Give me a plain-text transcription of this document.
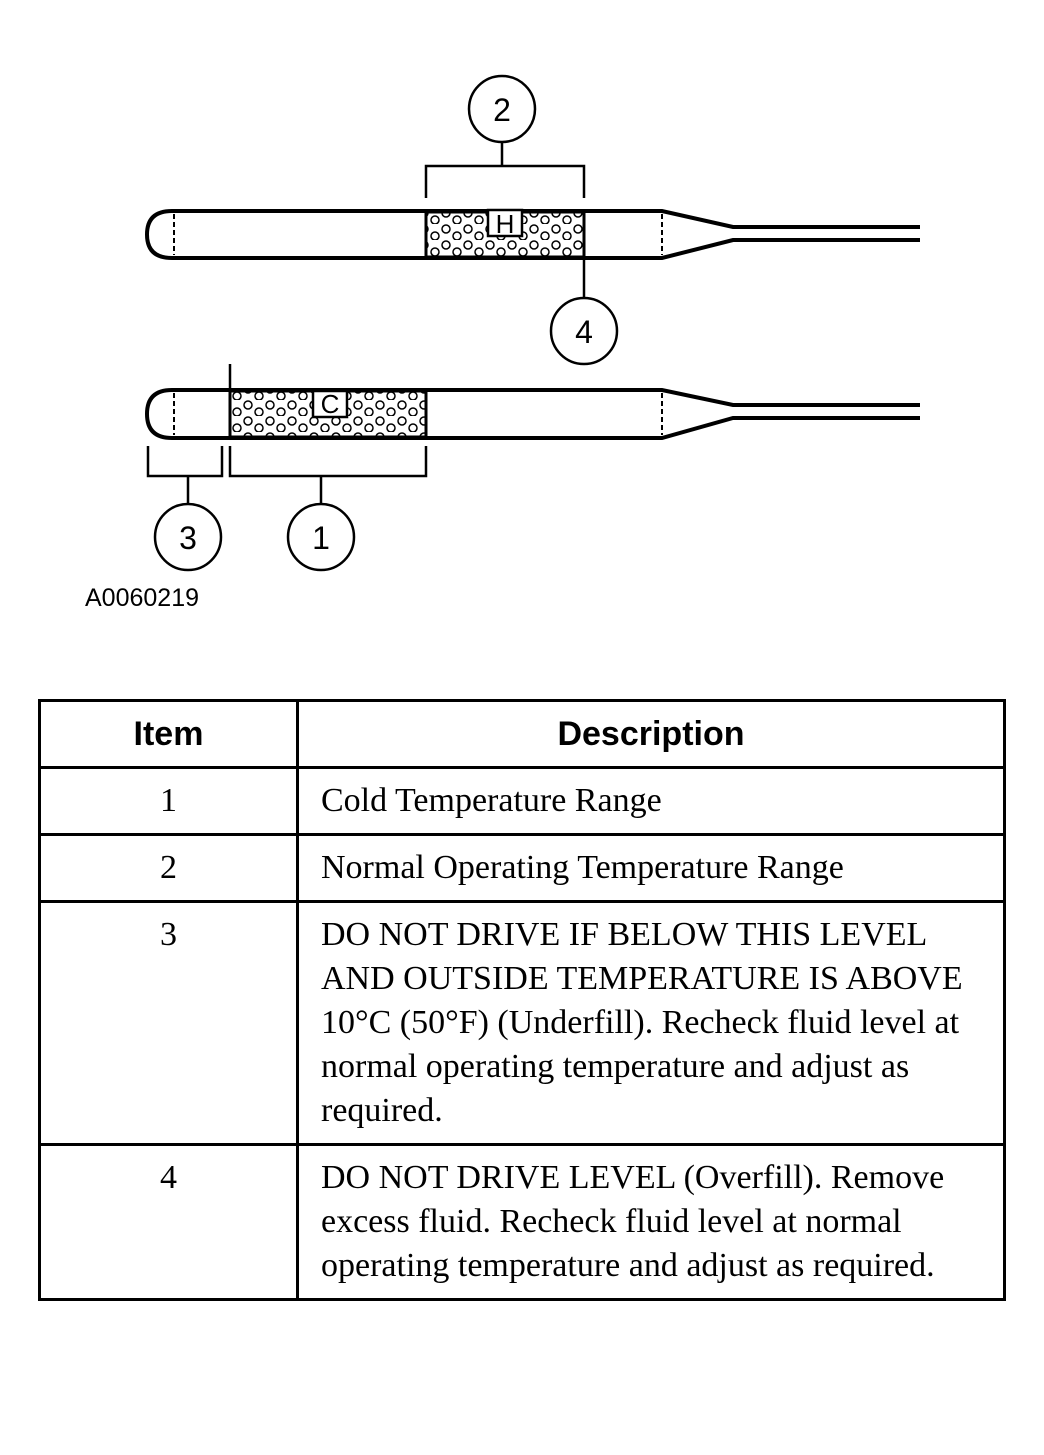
H
2
4
C
3	1
A0060219
Item	Description
1	Cold Temperature Range
2	Normal Operating Temperature Range
3	DO NOT DRIVE IF BELOW THIS LEVEL AND OUTSIDE TEMPERATURE IS ABOVE 10°C (50°F) (Underfill). Recheck fluid level at normal operating temperature and adjust as required.
4	DO NOT DRIVE LEVEL (Overfill). Remove excess fluid. Recheck fluid level at normal operating temperature and adjust as required.
